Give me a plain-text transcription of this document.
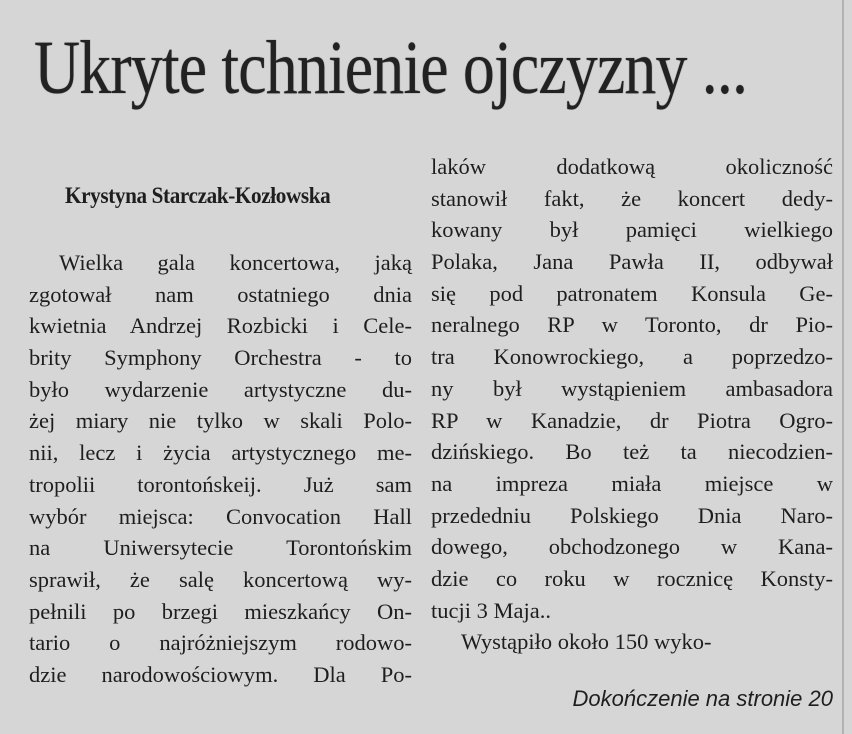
Ukryte tchnienie ojczyzny ...
Krystyna Starczak-Kozłowska
Wielka gala koncertowa, jaką
zgotował nam ostatniego dnia
kwietnia Andrzej Rozbicki i Cele-
brity Symphony Orchestra - to
było wydarzenie artystyczne du-
żej miary nie tylko w skali Polo-
nii, lecz i życia artystycznego me-
tropolii torontońskeij. Już sam
wybór miejsca: Convocation Hall
na Uniwersytecie Torontońskim
sprawił, że salę koncertową wy-
pełnili po brzegi mieszkańcy On-
tario o najróżniejszym rodowo-
dzie narodowościowym. Dla Po-
laków dodatkową okoliczność
stanowił fakt, że koncert dedy-
kowany był pamięci wielkiego
Polaka, Jana Pawła II, odbywał
się pod patronatem Konsula Ge-
neralnego RP w Toronto, dr Pio-
tra Konowrockiego, a poprzedzo-
ny był wystąpieniem ambasadora
RP w Kanadzie, dr Piotra Ogro-
dzińskiego. Bo też ta niecodzien-
na impreza miała miejsce w
przededniu Polskiego Dnia Naro-
dowego, obchodzonego w Kana-
dzie co roku w rocznicę Konsty-
tucji 3 Maja..
Wystąpiło około 150 wyko-
Dokończenie na stronie 20
